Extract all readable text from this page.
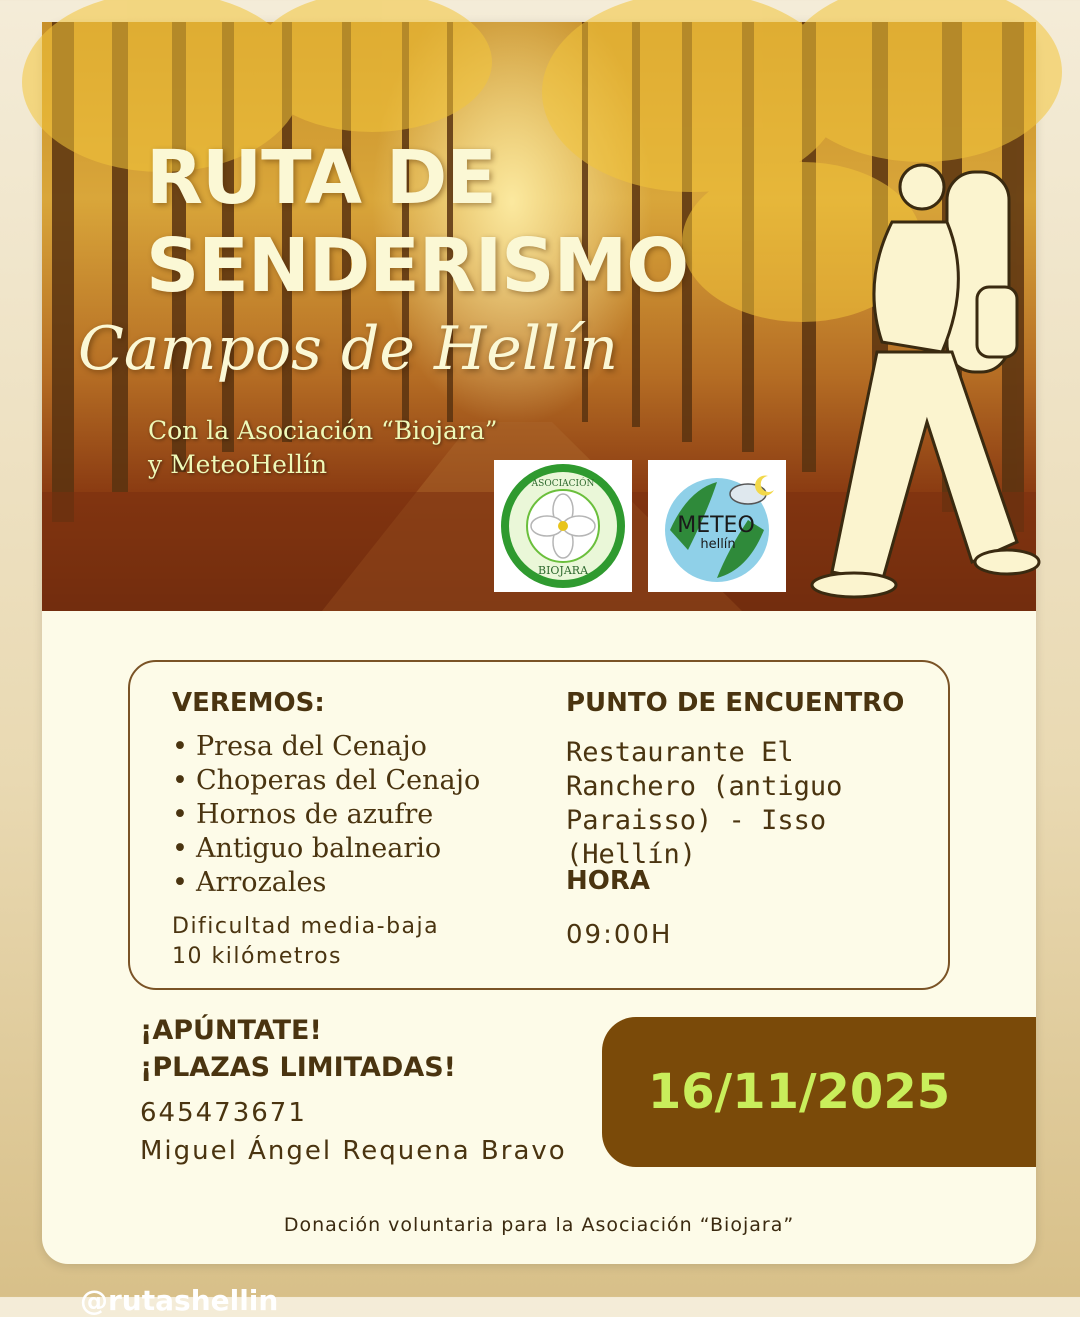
RUTA DE
SENDERISMO
Campos de Hellín
Con la Asociación “Biojara”
y MeteoHellín
ASOCIACIÓN
BIOJARA
METEO
hellín
VEREMOS:
• Presa del Cenajo
• Choperas del Cenajo
• Hornos de azufre
• Antiguo balneario
• Arrozales
Dificultad media-baja
10 kilómetros
PUNTO DE ENCUENTRO
Restaurante El
Ranchero (antiguo
Paraisso) - Isso (Hellín)
HORA
09:00H
¡APÚNTATE!
¡PLAZAS LIMITADAS!
645473671
Miguel Ángel Requena Bravo
16/11/2025
Donación voluntaria para la Asociación “Biojara”
@rutashellin
